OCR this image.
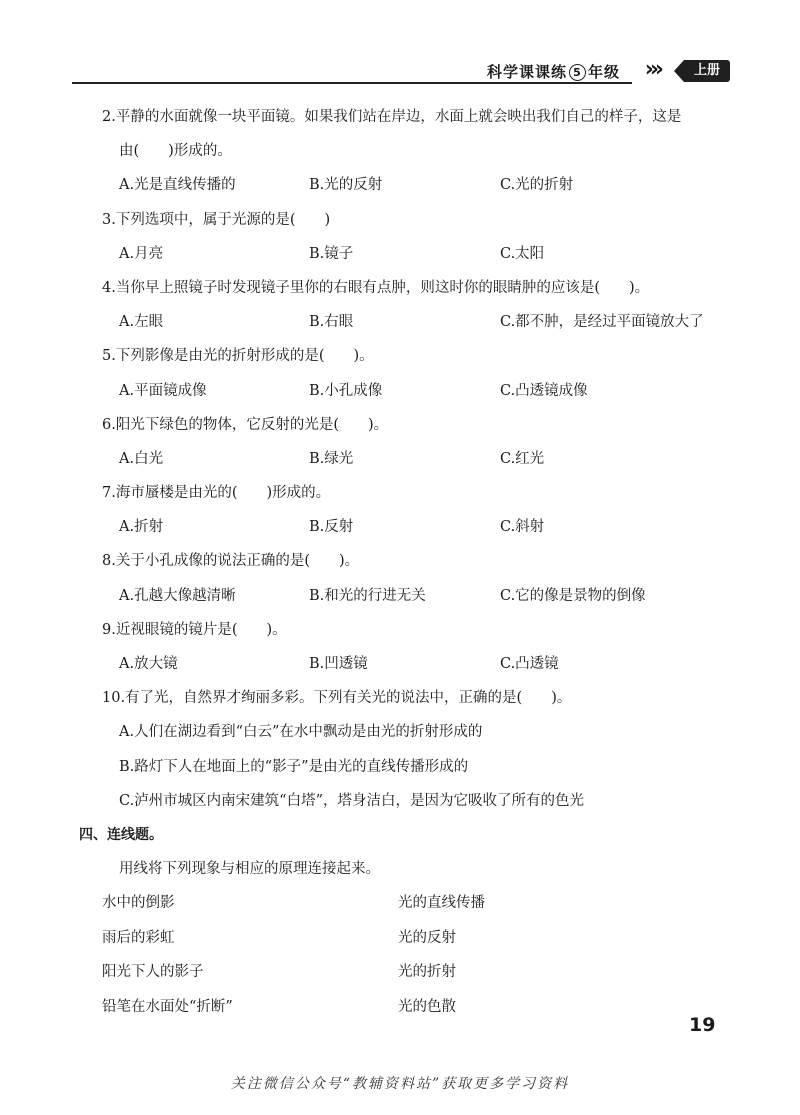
科学课课练 5 年级 ›››	上册
2.平静的水面就像一块平面镜。如果我们站在岸边，水面上就会映出我们自己的样子，这是
由(　　)形成的。
A.光是直线传播的	B.光的反射	C.光的折射
3.下列选项中，属于光源的是(　　)
A.月亮	B.镜子	C.太阳
4.当你早上照镜子时发现镜子里你的右眼有点肿，则这时你的眼睛肿的应该是(　　)。
A.左眼	B.右眼	C.都不肿，是经过平面镜放大了
5.下列影像是由光的折射形成的是(　　)。
A.平面镜成像	B.小孔成像	C.凸透镜成像
6.阳光下绿色的物体，它反射的光是(　　)。
A.白光	B.绿光	C.红光
7.海市蜃楼是由光的(　　)形成的。
A.折射	B.反射	C.斜射
8.关于小孔成像的说法正确的是(　　)。
A.孔越大像越清晰	B.和光的行进无关	C.它的像是景物的倒像
9.近视眼镜的镜片是(　　)。
A.放大镜	B.凹透镜	C.凸透镜
10.有了光，自然界才绚丽多彩。下列有关光的说法中，正确的是(　　)。
A.人们在湖边看到“白云”在水中飘动是由光的折射形成的
B.路灯下人在地面上的“影子”是由光的直线传播形成的
C.泸州市城区内南宋建筑“白塔”，塔身洁白，是因为它吸收了所有的色光
四、连线题。
用线将下列现象与相应的原理连接起来。
水中的倒影	光的直线传播
雨后的彩虹	光的反射
阳光下人的影子	光的折射
铅笔在水面处“折断”	光的色散
19
关注微信公众号“教辅资料站”获取更多学习资料
